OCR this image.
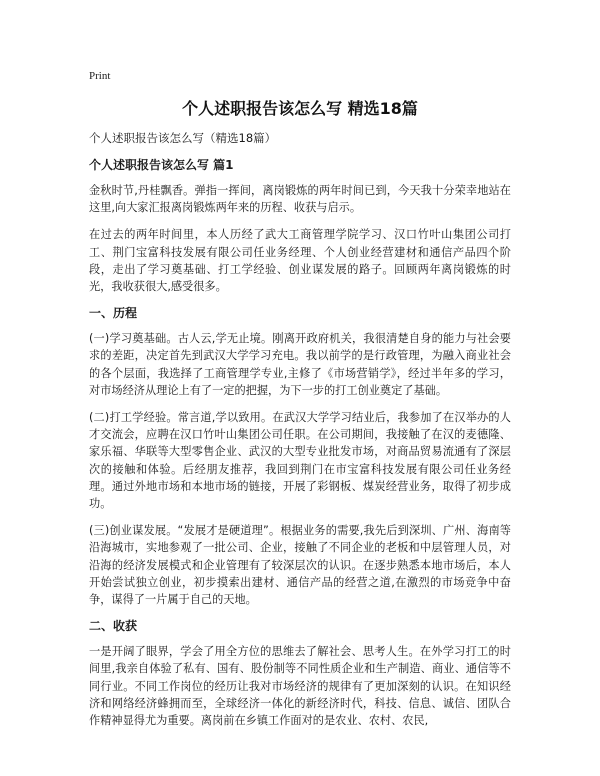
Print
个人述职报告该怎么写 精选18篇
个人述职报告该怎么写（精选18篇）
个人述职报告该怎么写 篇1

金秋时节,丹桂飘香。弹指一挥间，离岗锻炼的两年时间已到，今天我十分荣幸地站在这里,向大家汇报离岗锻炼两年来的历程、收获与启示。

在过去的两年时间里，本人历经了武大工商管理学院学习、汉口竹叶山集团公司打工、荆门宝富科技发展有限公司任业务经理、个人创业经营建材和通信产品四个阶段，走出了学习奠基础、打工学经验、创业谋发展的路子。回顾两年离岗锻炼的时光，我收获很大,感受很多。

一、历程

(一)学习奠基础。古人云,学无止境。刚离开政府机关，我很清楚自身的能力与社会要求的差距，决定首先到武汉大学学习充电。我以前学的是行政管理，为融入商业社会的各个层面，我选择了工商管理学专业,主修了《市场营销学》，经过半年多的学习，对市场经济从理论上有了一定的把握，为下一步的打工创业奠定了基础。

(二)打工学经验。常言道,学以致用。在武汉大学学习结业后，我参加了在汉举办的人才交流会，应聘在汉口竹叶山集团公司任职。在公司期间，我接触了在汉的麦德隆、家乐福、华联等大型零售企业、武汉的大型专业批发市场，对商品贸易流通有了深层次的接触和体验。后经朋友推荐，我回到荆门在市宝富科技发展有限公司任业务经理。通过外地市场和本地市场的链接，开展了彩钢板、煤炭经营业务，取得了初步成功。

(三)创业谋发展。“发展才是硬道理”。根据业务的需要,我先后到深圳、广州、海南等沿海城市，实地参观了一批公司、企业，接触了不同企业的老板和中层管理人员，对沿海的经济发展模式和企业管理有了较深层次的认识。在逐步熟悉本地市场后，本人开始尝试独立创业，初步摸索出建材、通信产品的经营之道,在激烈的市场竞争中奋争，谋得了一片属于自己的天地。

二、收获

一是开阔了眼界，学会了用全方位的思维去了解社会、思考人生。在外学习打工的时间里,我亲自体验了私有、国有、股份制等不同性质企业和生产制造、商业、通信等不同行业。不同工作岗位的经历让我对市场经济的规律有了更加深刻的认识。在知识经济和网络经济蜂拥而至，全球经济一体化的新经济时代，科技、信息、诚信、团队合作精神显得尤为重要。离岗前在乡镇工作面对的是农业、农村、农民,
